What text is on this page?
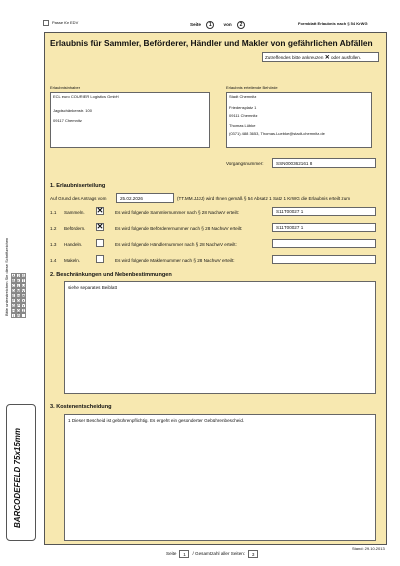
Passe für EDV	Seite 1	von 2	Formblatt Erlaubnis nach § 54 KrWG
Erlaubnis für Sammler, Beförderer, Händler und Makler von gefährlichen Abfällen
Zutreffendes bitte ankreuzen ✕ oder ausfüllen.
Erlaubnisinhaber
ECL euro COURIER Logistics GmbH
Jagdschänkenstr. 100
09117 Chemnitz
Erlaubnis erteilende Behörde
Stadt Chemnitz
Friedensplatz 1
09111 Chemnitz
Thomas Lübke
(0371) 488 3653, Thomas.Luebke@stadt-chemnitz.de
Vorgangsnummer:	SSN000362161 8
1. Erlaubniserteilung
Auf Grund des Antrags vom	25.02.2026	(TT.MM.JJJJ) wird Ihnen gemäß § 54 Absatz 1 Satz 1 KrWG die Erlaubnis erteilt zum
1.1 Sammeln. ✕	Es wird folgende Sammlernummer nach § 28 NachwV erteilt:	S11T00027 1
1.2 Befördern. ✕	Es wird folgende Beförderernummer nach § 28 NachwV erteilt:	S11T00027 1
1.3 Handeln.	Es wird folgende Händlernummer nach § 28 NachwV erteilt:
1.4 Makeln.	Es wird folgende Maklernummer nach § 28 NachwV erteilt:
2. Beschränkungen und Nebenbestimmungen
siehe separates Beiblatt
3. Kostenentscheidung
1 Dieser Bescheid ist gebührenpflichtig. Es ergeht ein gesonderter Gebührenbescheid.
Bitte unterstreichen Sie diese Schriftzeichen	A J S
B K T
C L U
D M V
E N W
F O X
G P Y
H Q Z
I	R
BARCODEFELD 75x15mm
Stand: 29.10.2013
Seite	1	/ Gesamtzahl aller Seiten:	3
